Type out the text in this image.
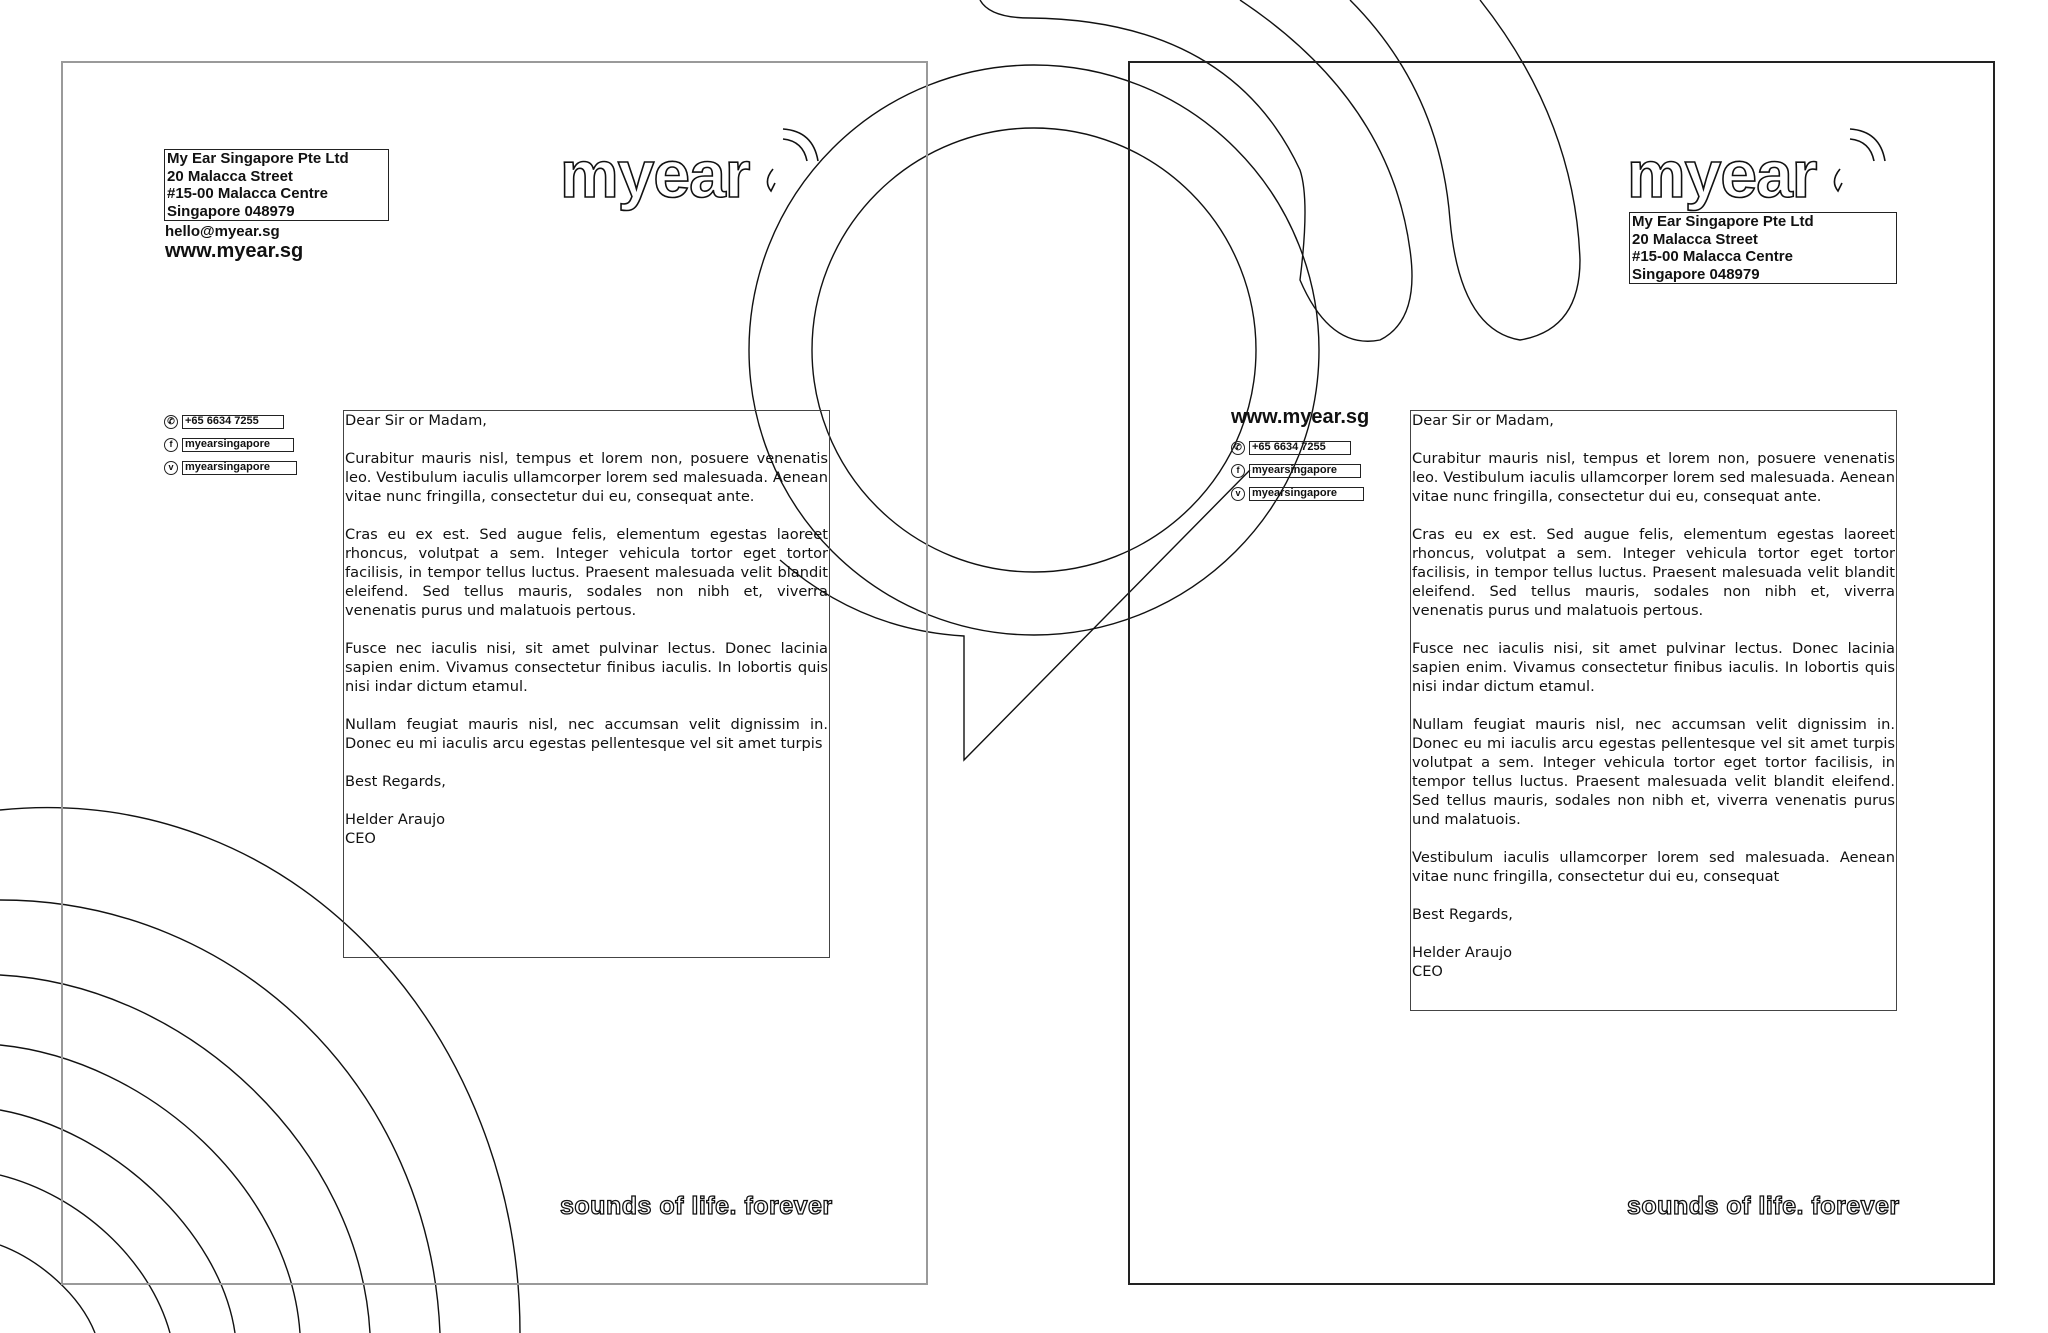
My Ear Singapore Pte Ltd
20 Malacca Street
#15-00 Malacca Centre
Singapore 048979
hello@myear.sg
www.myear.sg
myear
✆ +65 6634 7255
f	myearsingapore
v	myearsingapore

Dear Sir or Madam,

Curabitur mauris nisl, tempus et lorem non, posuere venenatis leo. Vestibulum iaculis ullamcorper lorem sed malesuada. Aenean vitae nunc fringilla, consectetur dui eu, consequat ante.

Cras eu ex est. Sed augue felis, elementum egestas laoreet rhoncus, volutpat a sem. Integer vehicula tortor eget tortor facilisis, in tempor tellus luctus. Praesent malesuada velit blandit eleifend. Sed tellus mauris, sodales non nibh et, viverra venenatis purus und malatuois pertous.

Fusce nec iaculis nisi, sit amet pulvinar lectus. Donec lacinia sapien enim. Vivamus consectetur finibus iaculis. In lobortis quis nisi indar dictum etamul.

Nullam feugiat mauris nisl, nec accumsan velit dignissim in. Donec eu mi iaculis arcu egestas pellentesque vel sit amet turpis

Best Regards,

Helder Araujo

CEO

sounds of life. forever
myear
My Ear Singapore Pte Ltd
20 Malacca Street
#15-00 Malacca Centre
Singapore 048979
www.myear.sg
✆ +65 6634 7255
f	myearsingapore
v	myearsingapore

Dear Sir or Madam,

Curabitur mauris nisl, tempus et lorem non, posuere venenatis leo. Vestibulum iaculis ullamcorper lorem sed malesuada. Aenean vitae nunc fringilla, consectetur dui eu, consequat ante.

Cras eu ex est. Sed augue felis, elementum egestas laoreet rhoncus, volutpat a sem. Integer vehicula tortor eget tortor facilisis, in tempor tellus luctus. Praesent malesuada velit blandit eleifend. Sed tellus mauris, sodales non nibh et, viverra venenatis purus und malatuois pertous.

Fusce nec iaculis nisi, sit amet pulvinar lectus. Donec lacinia sapien enim. Vivamus consectetur finibus iaculis. In lobortis quis nisi indar dictum etamul.

Nullam feugiat mauris nisl, nec accumsan velit dignissim in. Donec eu mi iaculis arcu egestas pellentesque vel sit amet turpis volutpat a sem. Integer vehicula tortor eget tortor facilisis, in tempor tellus luctus. Praesent malesuada velit blandit eleifend. Sed tellus mauris, sodales non nibh et, viverra venenatis purus und malatuois.

Vestibulum iaculis ullamcorper lorem sed malesuada. Aenean vitae nunc fringilla, consectetur dui eu, consequat

Best Regards,

Helder Araujo

CEO

sounds of life. forever
